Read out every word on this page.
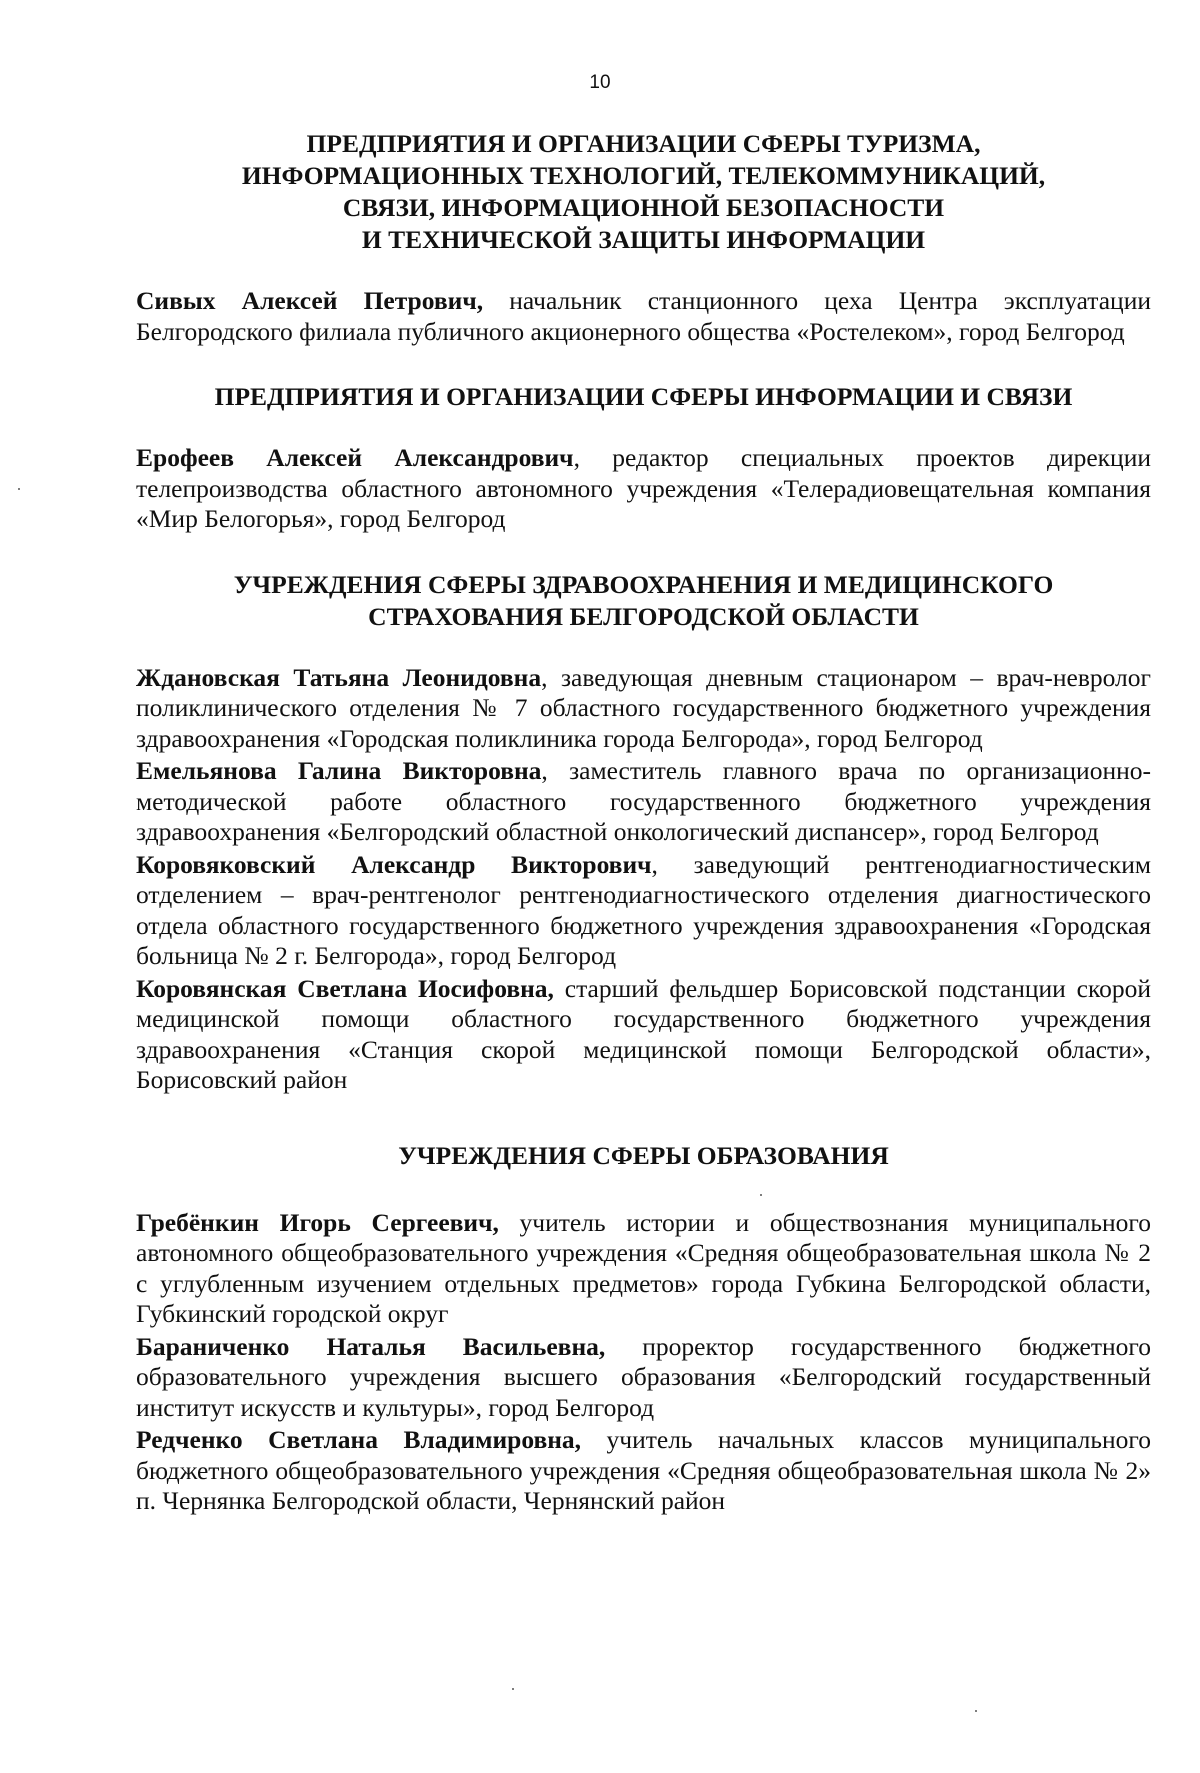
10
ПРЕДПРИЯТИЯ И ОРГАНИЗАЦИИ СФЕРЫ ТУРИЗМА,
ИНФОРМАЦИОННЫХ ТЕХНОЛОГИЙ, ТЕЛЕКОММУНИКАЦИЙ,
СВЯЗИ, ИНФОРМАЦИОННОЙ БЕЗОПАСНОСТИ
И ТЕХНИЧЕСКОЙ ЗАЩИТЫ ИНФОРМАЦИИ

Сивых Алексей Петрович, начальник станционного цеха Центра эксплуатации Белгородского филиала публичного акционерного общества «Ростелеком», город Белгород

ПРЕДПРИЯТИЯ И ОРГАНИЗАЦИИ СФЕРЫ ИНФОРМАЦИИ И СВЯЗИ

Ерофеев Алексей Александрович, редактор специальных проектов дирекции телепроизводства областного автономного учреждения «Телерадиовещательная компания «Мир Белогорья», город Белгород

УЧРЕЖДЕНИЯ СФЕРЫ ЗДРАВООХРАНЕНИЯ И МЕДИЦИНСКОГО
СТРАХОВАНИЯ БЕЛГОРОДСКОЙ ОБЛАСТИ

Ждановская Татьяна Леонидовна, заведующая дневным стационаром – врач-невролог поликлинического отделения № 7 областного государственного бюджетного учреждения здравоохранения «Городская поликлиника города Белгорода», город Белгород

Емельянова Галина Викторовна, заместитель главного врача по организационно-методической работе областного государственного бюджетного учреждения здравоохранения «Белгородский областной онкологический диспансер», город Белгород

Коровяковский Александр Викторович, заведующий рентгенодиагностическим отделением – врач-рентгенолог рентгенодиагностического отделения диагностического отдела областного государственного бюджетного учреждения здравоохранения «Городская больница № 2 г. Белгорода», город Белгород

Коровянская Светлана Иосифовна, старший фельдшер Борисовской подстанции скорой медицинской помощи областного государственного бюджетного учреждения здравоохранения «Станция скорой медицинской помощи Белгородской области», Борисовский район

УЧРЕЖДЕНИЯ СФЕРЫ ОБРАЗОВАНИЯ

Гребёнкин Игорь Сергеевич, учитель истории и обществознания муниципального автономного общеобразовательного учреждения «Средняя общеобразовательная школа № 2 с углубленным изучением отдельных предметов» города Губкина Белгородской области, Губкинский городской округ

Бараниченко Наталья Васильевна, проректор государственного бюджетного образовательного учреждения высшего образования «Белгородский государственный институт искусств и культуры», город Белгород

Редченко Светлана Владимировна, учитель начальных классов муниципального бюджетного общеобразовательного учреждения «Средняя общеобразовательная школа № 2» п. Чернянка Белгородской области, Чернянский район
